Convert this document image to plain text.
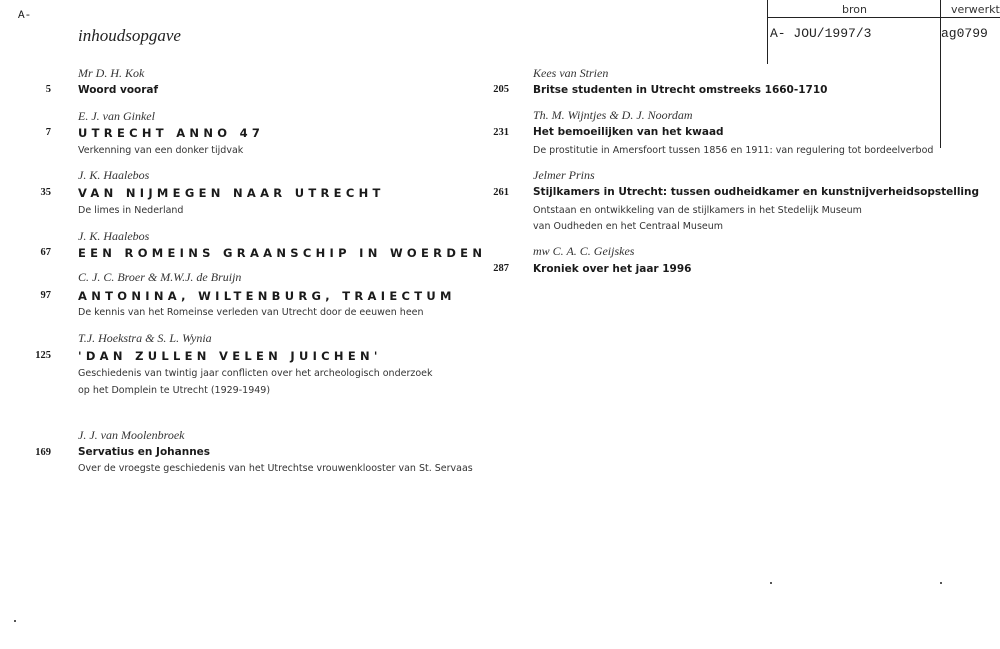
A-
inhoudsopgave
bron	verwerkt
A- JOU/1997/3	ag0799
Mr D. H. Kok
5	Woord vooraf
E. J. van Ginkel
7 UTRECHT ANNO 47
Verkenning van een donker tijdvak
J. K. Haalebos
35 VAN NIJMEGEN NAAR UTRECHT
De limes in Nederland
J. K. Haalebos
67 EEN ROMEINS GRAANSCHIP IN WOERDEN
C. J. C. Broer & M.W.J. de Bruijn
97 ANTONINA, WILTENBURG, TRAIECTUM
De kennis van het Romeinse verleden van Utrecht door de eeuwen heen
T.J. Hoekstra & S. L. Wynia
125 'DAN ZULLEN VELEN JUICHEN'
Geschiedenis van twintig jaar conflicten over het archeologisch onderzoek
op het Domplein te Utrecht (1929-1949)
J. J. van Moolenbroek
169	Servatius en Johannes
Over de vroegste geschiedenis van het Utrechtse vrouwenklooster van St. Servaas
Kees van Strien
205 Britse studenten in Utrecht omstreeks 1660-1710
Th. M. Wijntjes & D. J. Noordam
231 Het bemoeilijken van het kwaad
De prostitutie in Amersfoort tussen 1856 en 1911: van regulering tot bordeelverbod
Jelmer Prins
261 Stijlkamers in Utrecht: tussen oudheidkamer en kunstnijverheidsopstelling
Ontstaan en ontwikkeling van de stijlkamers in het Stedelijk Museum
van Oudheden en het Centraal Museum
mw C. A. C. Geijskes
287 Kroniek over het jaar 1996
